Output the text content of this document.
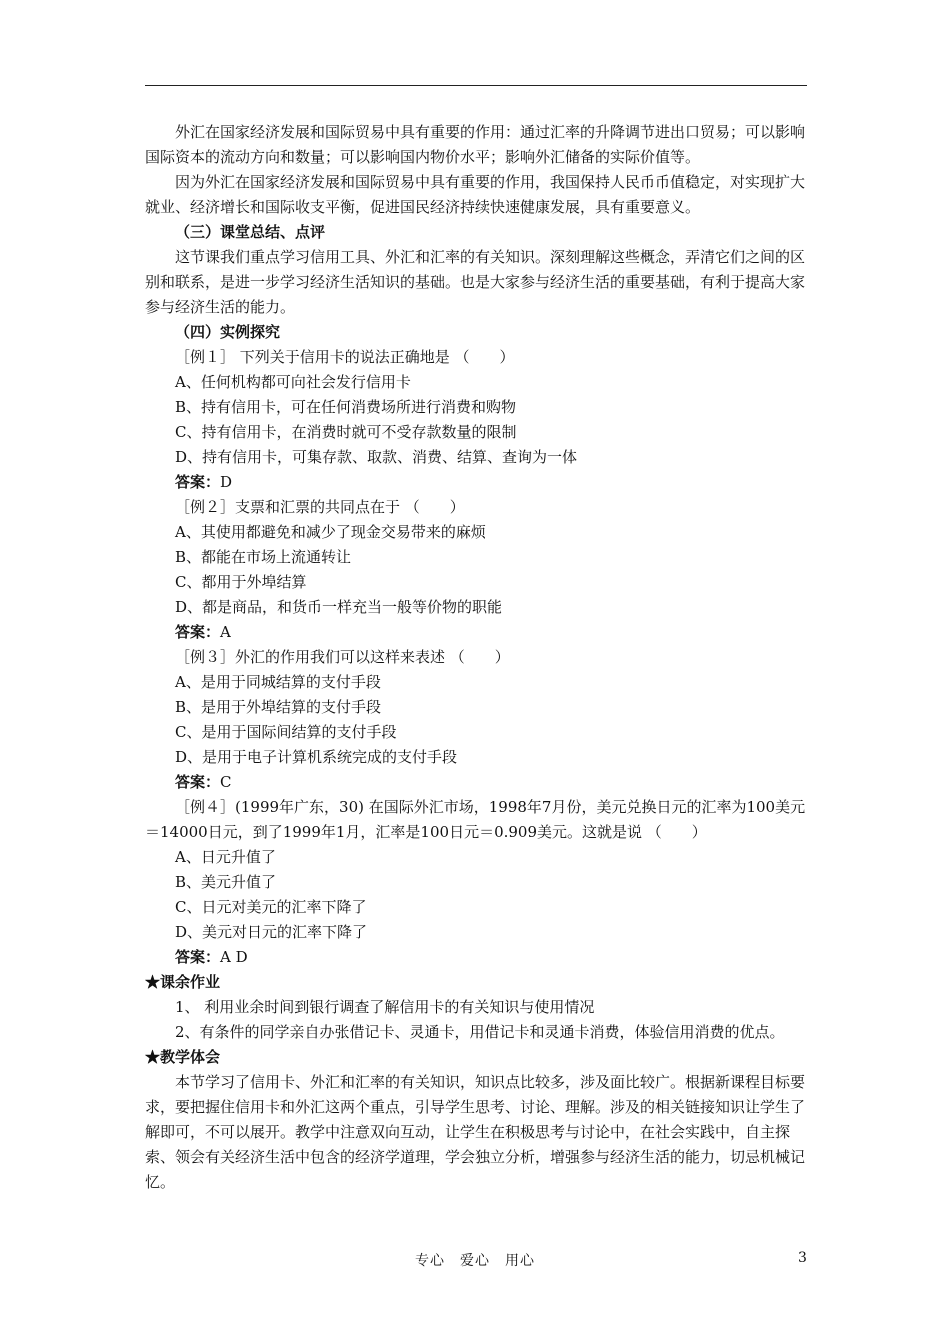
外汇在国家经济发展和国际贸易中具有重要的作用：通过汇率的升降调节进出口贸易；可以影响国际资本的流动方向和数量；可以影响国内物价水平；影响外汇储备的实际价值等。

因为外汇在国家经济发展和国际贸易中具有重要的作用，我国保持人民币币值稳定，对实现扩大就业、经济增长和国际收支平衡，促进国民经济持续快速健康发展，具有重要意义。

（三）课堂总结、点评

这节课我们重点学习信用工具、外汇和汇率的有关知识。深刻理解这些概念，弄清它们之间的区别和联系，是进一步学习经济生活知识的基础。也是大家参与经济生活的重要基础，有利于提高大家参与经济生活的能力。

（四）实例探究

［例１］ 下列关于信用卡的说法正确地是 （　　）

A、任何机构都可向社会发行信用卡

B、持有信用卡，可在任何消费场所进行消费和购物

C、持有信用卡，在消费时就可不受存款数量的限制

D、持有信用卡，可集存款、取款、消费、结算、查询为一体

答案：D

［例２］支票和汇票的共同点在于 （　　）

A、其使用都避免和减少了现金交易带来的麻烦

B、都能在市场上流通转让

C、都用于外埠结算

D、都是商品，和货币一样充当一般等价物的职能

答案：A

［例３］外汇的作用我们可以这样来表述 （　　）

A、是用于同城结算的支付手段

B、是用于外埠结算的支付手段

C、是用于国际间结算的支付手段

D、是用于电子计算机系统完成的支付手段

答案：C

［例４］(1999年广东，30) 在国际外汇市场，1998年7月份，美元兑换日元的汇率为100美元＝14000日元，到了1999年1月，汇率是100日元＝0.909美元。这就是说 （　　）

A、日元升值了

B、美元升值了

C、日元对美元的汇率下降了

D、美元对日元的汇率下降了

答案：A D

★课余作业

1、 利用业余时间到银行调查了解信用卡的有关知识与使用情况

2、有条件的同学亲自办张借记卡、灵通卡，用借记卡和灵通卡消费，体验信用消费的优点。

★教学体会

本节学习了信用卡、外汇和汇率的有关知识，知识点比较多，涉及面比较广。根据新课程目标要求，要把握住信用卡和外汇这两个重点，引导学生思考、讨论、理解。涉及的相关链接知识让学生了解即可，不可以展开。教学中注意双向互动，让学生在积极思考与讨论中，在社会实践中，自主探索、领会有关经济生活中包含的经济学道理，学会独立分析，增强参与经济生活的能力，切忌机械记忆。

专心　爱心　用心	3
